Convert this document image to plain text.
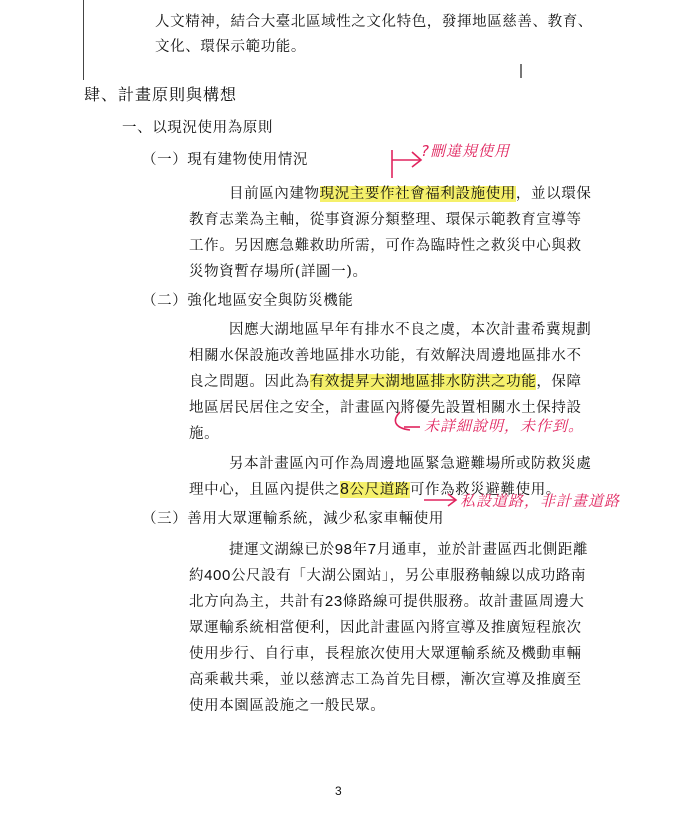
人文精神，結合大臺北區域性之文化特色，發揮地區慈善、教育、
文化、環保示範功能。
肆、計畫原則與構想
一、以現況使用為原則
（一）現有建物使用情況
目前區內建物現況主要作社會福利設施使用，並以環保
教育志業為主軸，從事資源分類整理、環保示範教育宣導等
工作。另因應急難救助所需，可作為臨時性之救災中心與救
災物資暫存場所(詳圖一)。
（二）強化地區安全與防災機能
因應大湖地區早年有排水不良之虞，本次計畫希冀規劃
相關水保設施改善地區排水功能，有效解決周邊地區排水不
良之問題。因此為有效提昇大湖地區排水防洪之功能，保障
地區居民居住之安全，計畫區內將優先設置相關水土保持設
施。
另本計畫區內可作為周邊地區緊急避難場所或防救災處
理中心，且區內提供之8公尺道路可作為救災避難使用。
（三）善用大眾運輸系統，減少私家車輛使用
捷運文湖線已於98年7月通車，並於計畫區西北側距離
約400公尺設有「大湖公園站」，另公車服務軸線以成功路南
北方向為主，共計有23條路線可提供服務。故計畫區周邊大
眾運輸系統相當便利，因此計畫區內將宣導及推廣短程旅次
使用步行、自行車，長程旅次使用大眾運輸系統及機動車輛
高乘載共乘，並以慈濟志工為首先目標，漸次宣導及推廣至
使用本園區設施之一般民眾。
3
?刪違規使用
未詳細說明，未作到。
私設道路，非計畫道路
